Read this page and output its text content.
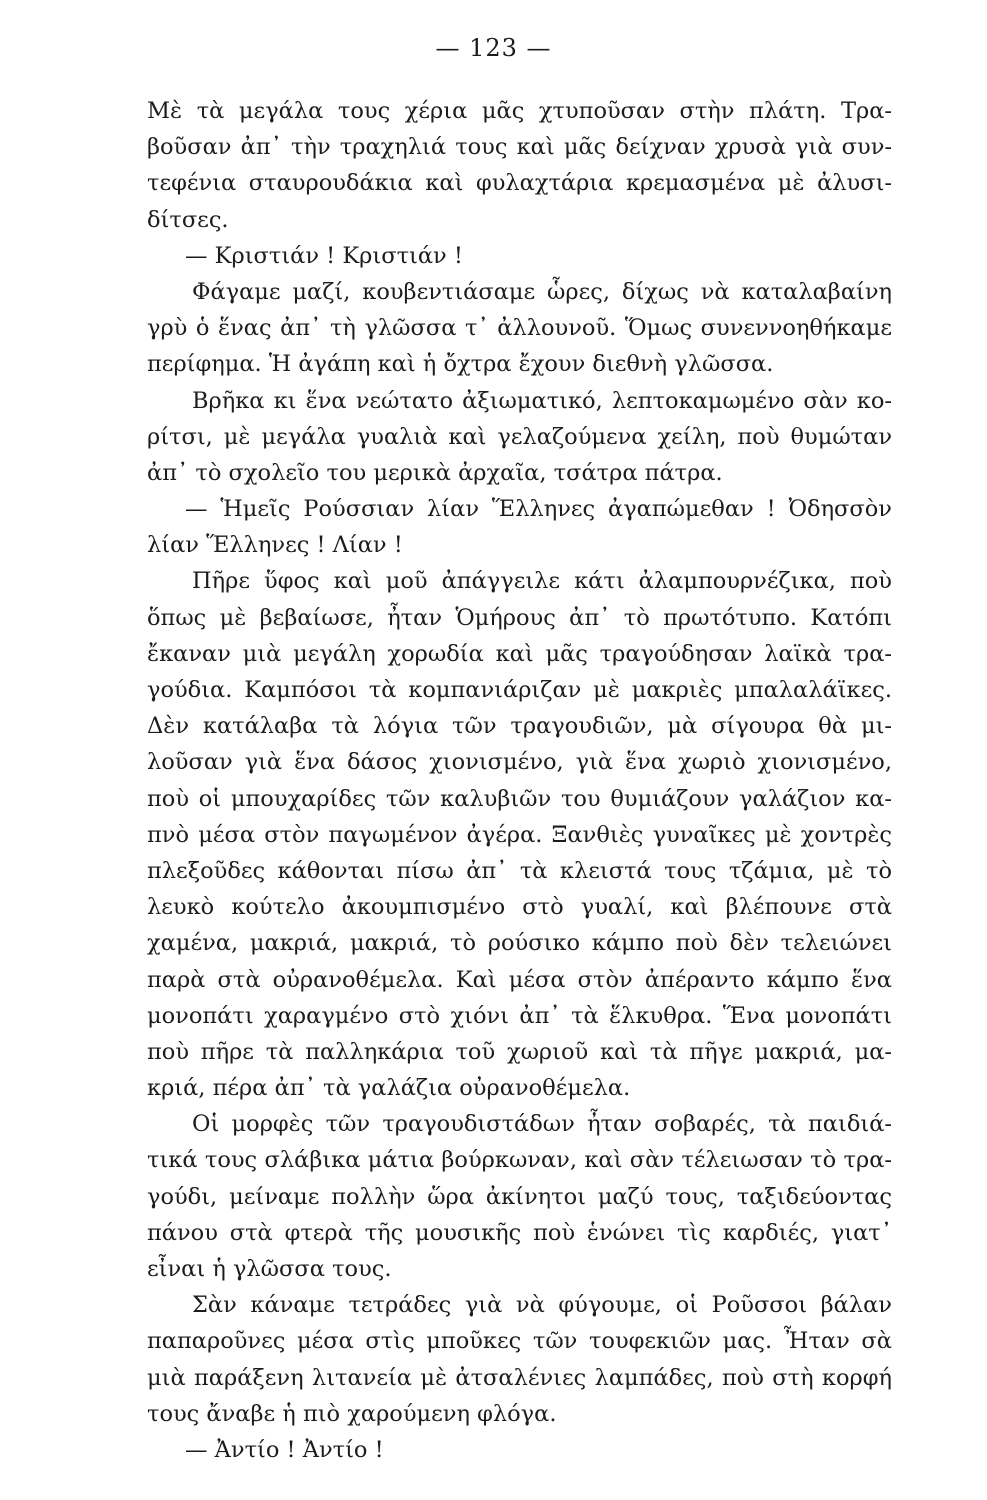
— 123 —
Μὲ τὰ μεγάλα τους χέρια μᾶς χτυποῦσαν στὴν πλάτη. Τρα-
βοῦσαν ἀπ᾿ τὴν τραχηλιά τους καὶ μᾶς δείχναν χρυσὰ γιὰ συν-
τεφένια σταυρουδάκια καὶ φυλαχτάρια κρεμασμένα μὲ ἀλυσι-
δίτσες.
— Κριστιάν ! Κριστιάν !
Φάγαμε μαζί, κουβεντιάσαμε ὧρες, δίχως νὰ καταλαβαίνη
γρὺ ὁ ἕνας ἀπ᾿ τὴ γλῶσσα τ᾿ ἀλλουνοῦ. Ὅμως συνεννοηθήκαμε
περίφημα. Ἡ ἀγάπη καὶ ἡ ὄχτρα ἔχουν διεθνὴ γλῶσσα.
Βρῆκα κι ἕνα νεώτατο ἀξιωματικό, λεπτοκαμωμένο σὰν κο-
ρίτσι, μὲ μεγάλα γυαλιὰ καὶ γελαζούμενα χείλη, ποὺ θυμώταν
ἀπ᾿ τὸ σχολεῖο του μερικὰ ἀρχαῖα, τσάτρα πάτρα.
— Ἡμεῖς Ρούσσιαν λίαν Ἕλληνες ἀγαπώμεθαν ! Ὀδησσὸν
λίαν Ἕλληνες ! Λίαν !
Πῆρε ὕφος καὶ μοῦ ἀπάγγειλε κάτι ἀλαμπουρνέζικα, ποὺ
ὅπως μὲ βεβαίωσε, ἦταν Ὁμήρους ἀπ᾿ τὸ πρωτότυπο. Κατόπι
ἔκαναν μιὰ μεγάλη χορωδία καὶ μᾶς τραγούδησαν λαϊκὰ τρα-
γούδια. Καμπόσοι τὰ κομπανιάριζαν μὲ μακριὲς μπαλαλάϊκες.
Δὲν κατάλαβα τὰ λόγια τῶν τραγουδιῶν, μὰ σίγουρα θὰ μι-
λοῦσαν γιὰ ἕνα δάσος χιονισμένο, γιὰ ἕνα χωριὸ χιονισμένο,
ποὺ οἱ μπουχαρίδες τῶν καλυβιῶν του θυμιάζουν γαλάζιον κα-
πνὸ μέσα στὸν παγωμένον ἀγέρα. Ξανθιὲς γυναῖκες μὲ χοντρὲς
πλεξοῦδες κάθονται πίσω ἀπ᾿ τὰ κλειστά τους τζάμια, μὲ τὸ
λευκὸ κούτελο ἀκουμπισμένο στὸ γυαλί, καὶ βλέπουνε στὰ
χαμένα, μακριά, μακριά, τὸ ρούσικο κάμπο ποὺ δὲν τελειώνει
παρὰ στὰ οὐρανοθέμελα. Καὶ μέσα στὸν ἀπέραντο κάμπο ἕνα
μονοπάτι χαραγμένο στὸ χιόνι ἀπ᾿ τὰ ἕλκυθρα. Ἕνα μονοπάτι
ποὺ πῆρε τὰ παλληκάρια τοῦ χωριοῦ καὶ τὰ πῆγε μακριά, μα-
κριά, πέρα ἀπ᾿ τὰ γαλάζια οὐρανοθέμελα.
Οἱ μορφὲς τῶν τραγουδιστάδων ἦταν σοβαρές, τὰ παιδιά-
τικά τους σλάβικα μάτια βούρκωναν, καὶ σὰν τέλειωσαν τὸ τρα-
γούδι, μείναμε πολλὴν ὥρα ἀκίνητοι μαζύ τους, ταξιδεύοντας
πάνου στὰ φτερὰ τῆς μουσικῆς ποὺ ἑνώνει τὶς καρδιές, γιατ᾿
εἶναι ἡ γλῶσσα τους.
Σὰν κάναμε τετράδες γιὰ νὰ φύγουμε, οἱ Ροῦσσοι βάλαν
παπαροῦνες μέσα στὶς μποῦκες τῶν τουφεκιῶν μας. Ἦταν σὰ
μιὰ παράξενη λιτανεία μὲ ἀτσαλένιες λαμπάδες, ποὺ στὴ κορφή
τους ἄναβε ἡ πιὸ χαρούμενη φλόγα.
— Ἀντίο ! Ἀντίο !
